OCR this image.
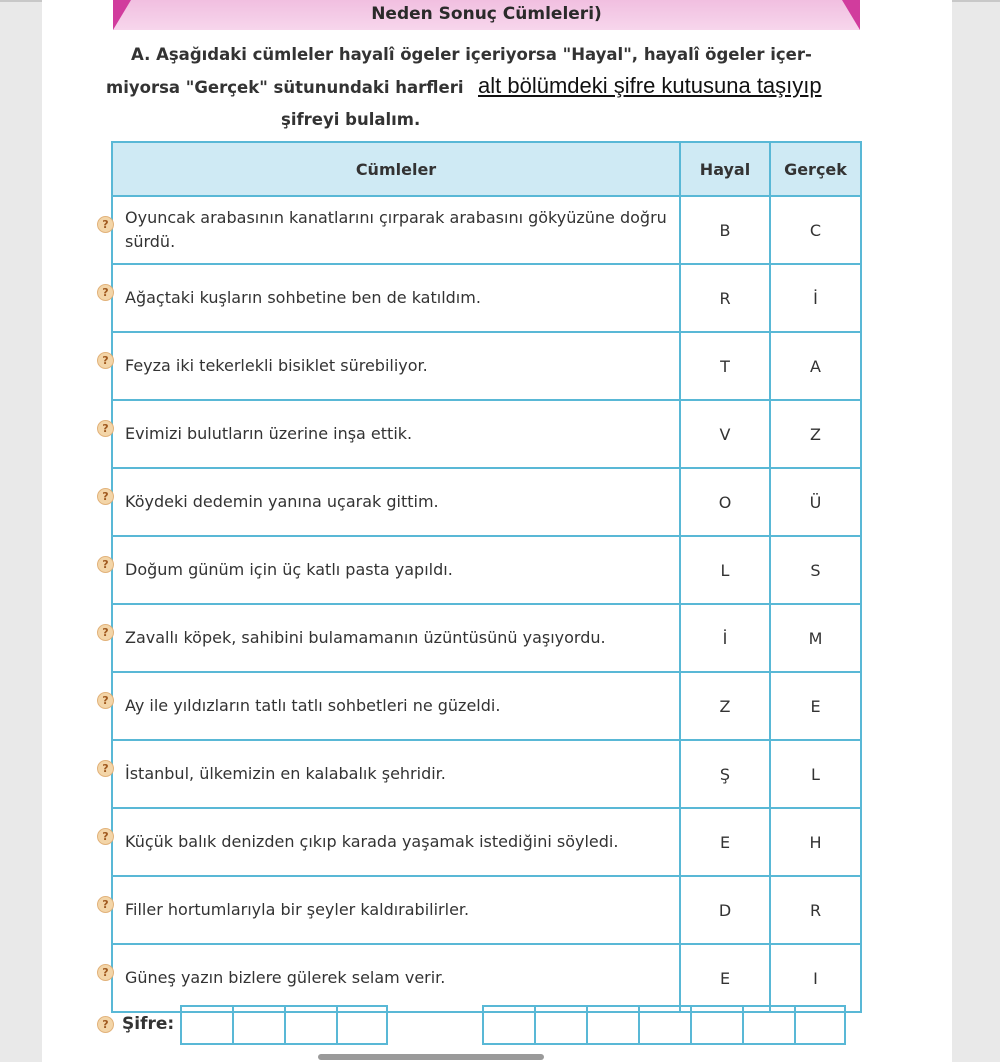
Neden Sonuç Cümleleri)
A. Aşağıdaki cümleler hayalî ögeler içeriyorsa "Hayal", hayalî ögeler içer-
miyorsa "Gerçek" sütunundaki harfleri
şifreyi bulalım.
alt bölümdeki şifre kutusuna taşıyıp
Cümleler	Hayal	Gerçek
Oyuncak arabasının kanatlarını çırparak arabasını gökyüzüne doğru sürdü.	B	C
Ağaçtaki kuşların sohbetine ben de katıldım.	R	İ
Feyza iki tekerlekli bisiklet sürebiliyor.	T	A
Evimizi bulutların üzerine inşa ettik.	V	Z
Köydeki dedemin yanına uçarak gittim.	O	Ü
Doğum günüm için üç katlı pasta yapıldı.	L	S
Zavallı köpek, sahibini bulamamanın üzüntüsünü yaşıyordu.	İ	M
Ay ile yıldızların tatlı tatlı sohbetleri ne güzeldi.	Z	E
İstanbul, ülkemizin en kalabalık şehridir.	Ş	L
Küçük balık denizden çıkıp karada yaşamak istediğini söyledi.	E	H
Filler hortumlarıyla bir şeyler kaldırabilirler.	D	R
Güneş yazın bizlere gülerek selam verir.	E	I
?
?
?
?
?
?
?
?
?
?
?
?
? Şifre:
